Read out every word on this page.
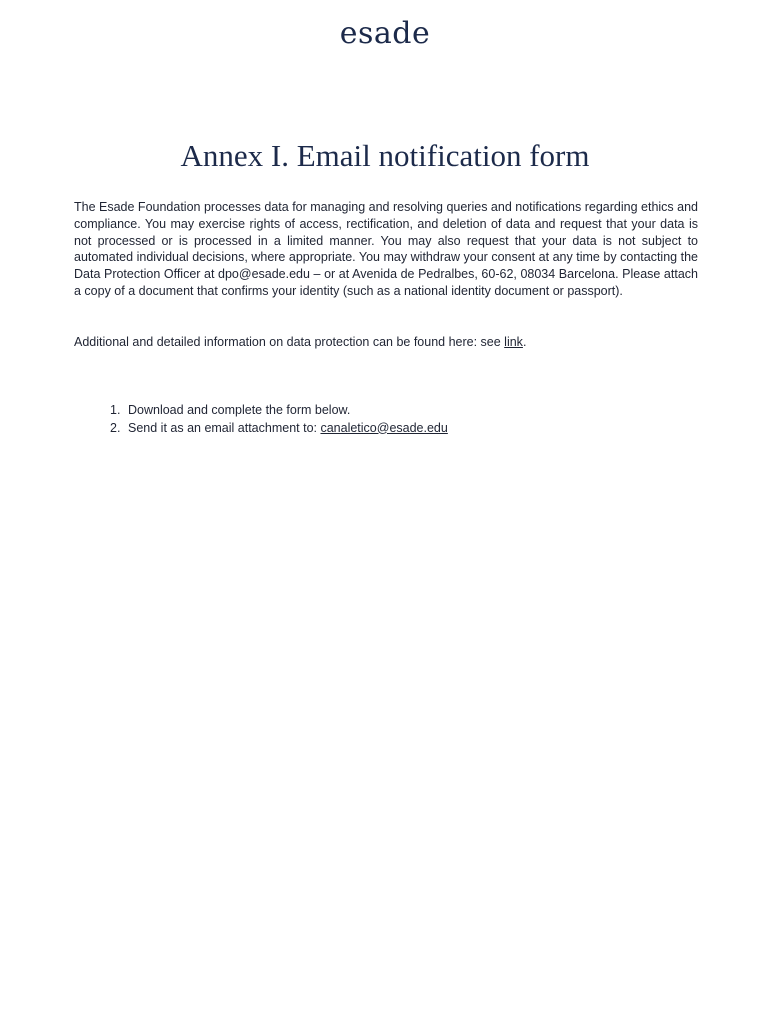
esade
Annex I. Email notification form

The Esade Foundation processes data for managing and resolving queries and notifications regarding ethics and compliance. You may exercise rights of access, rectification, and deletion of data and request that your data is not processed or is processed in a limited manner. You may also request that your data is not subject to automated individual decisions, where appropriate. You may withdraw your consent at any time by contacting the Data Protection Officer at dpo@esade.edu – or at Avenida de Pedralbes, 60-62, 08034 Barcelona. Please attach a copy of a document that confirms your identity (such as a national identity document or passport).

Additional and detailed information on data protection can be found here: see link.

1. Download and complete the form below.
2. Send it as an email attachment to: canaletico@esade.edu
